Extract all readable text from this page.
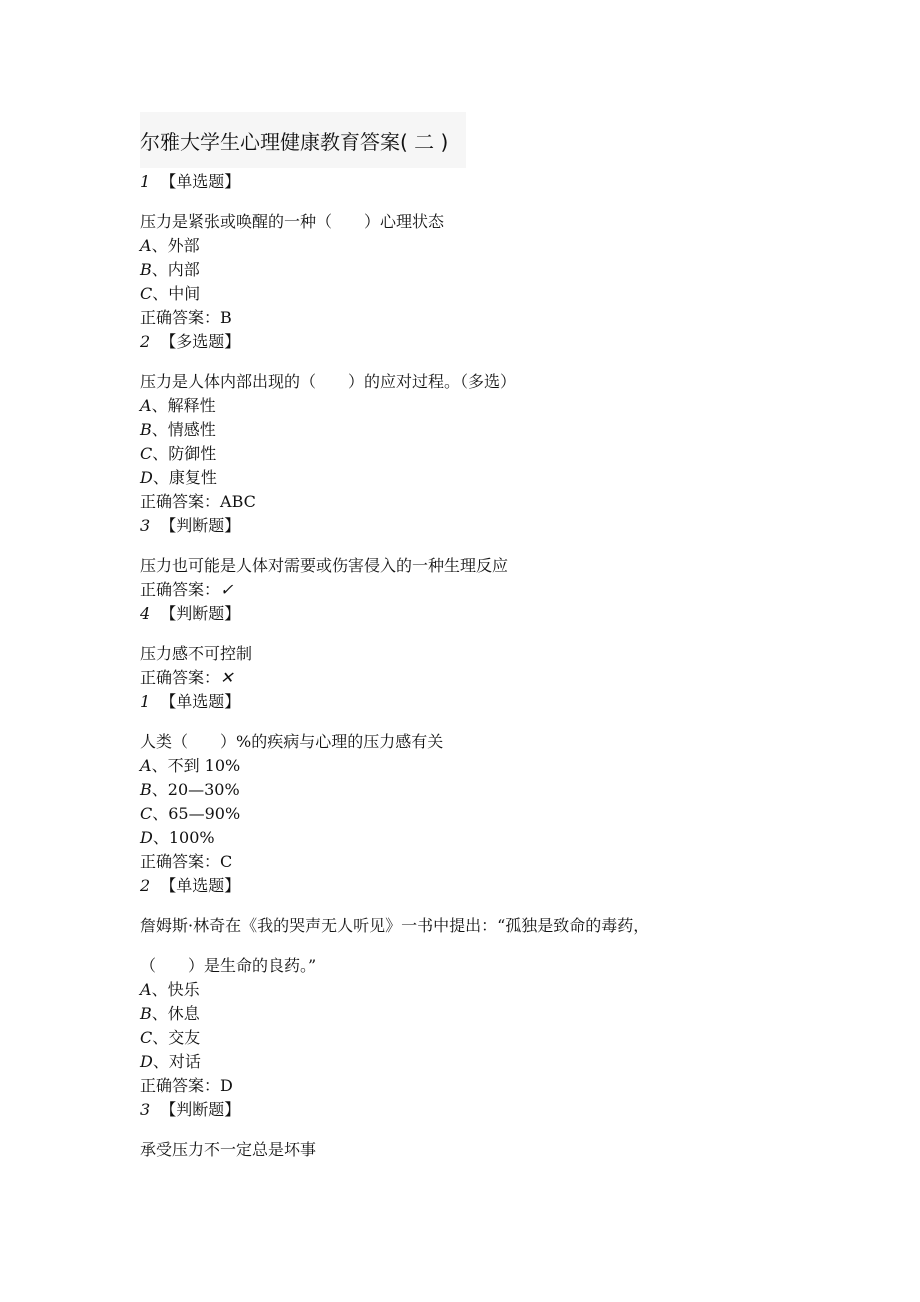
尔雅大学生心理健康教育答案( 二 )
1 【单选题】
压力是紧张或唤醒的一种（　　）心理状态
A、外部
B、内部
C、中间
正确答案：B
2 【多选题】
压力是人体内部出现的（　　）的应对过程。（多选）
A、解释性
B、情感性
C、防御性
D、康复性
正确答案：ABC
3 【判断题】
压力也可能是人体对需要或伤害侵入的一种生理反应
正确答案：✓
4 【判断题】
压力感不可控制
正确答案：✕
1 【单选题】
人类（　　）%的疾病与心理的压力感有关
A、不到 10%
B、20—30%
C、65—90%
D、100%
正确答案：C
2 【单选题】
詹姆斯·林奇在《我的哭声无人听见》一书中提出：“孤独是致命的毒药，
（　　）是生命的良药。”
A、快乐
B、休息
C、交友
D、对话
正确答案：D
3 【判断题】
承受压力不一定总是坏事
